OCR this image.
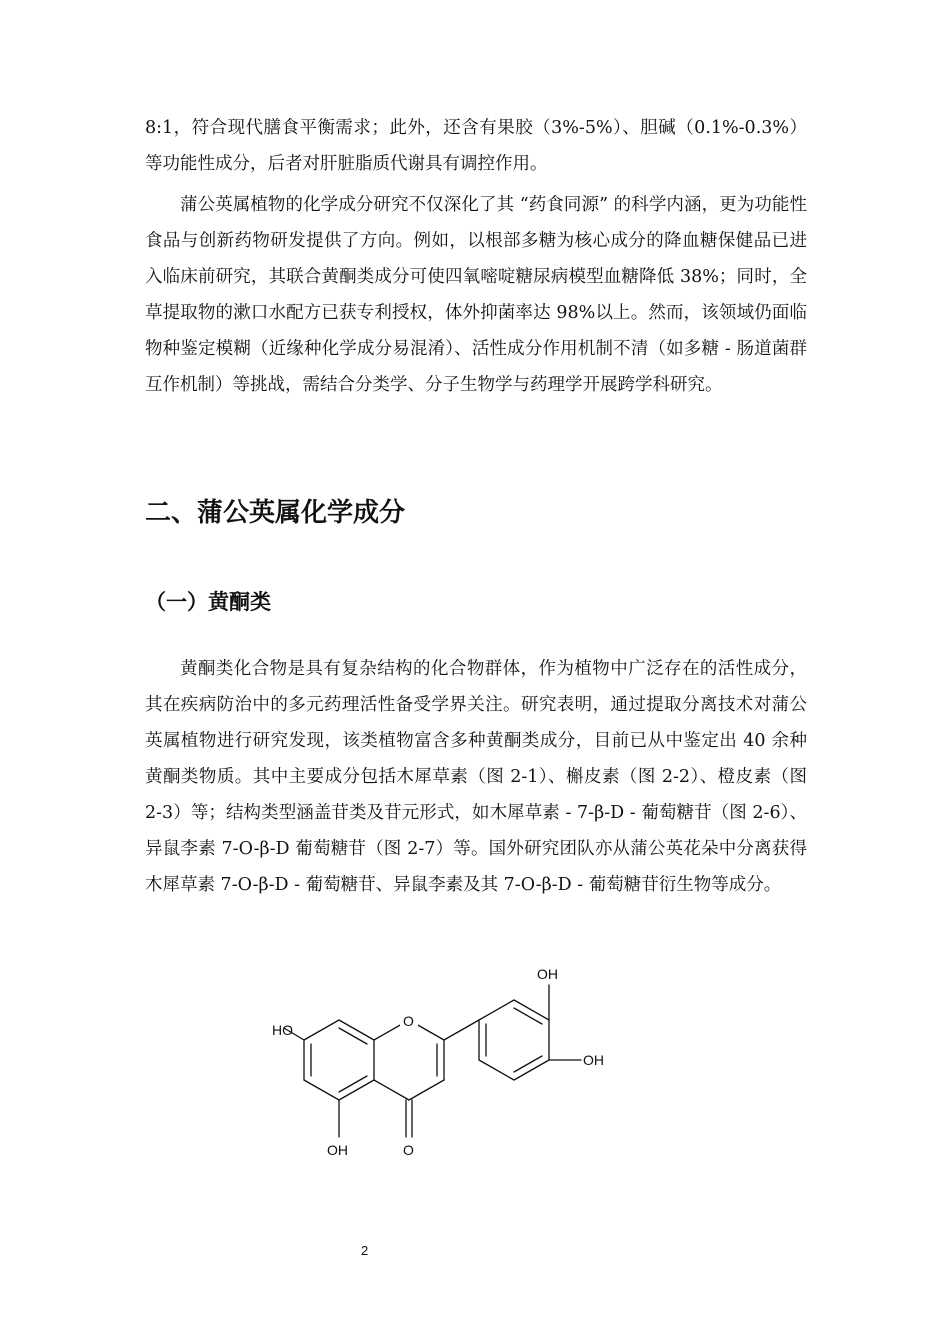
8:1，符合现代膳食平衡需求；此外，还含有果胶（3%-5%）、胆碱（0.1%-0.3%）等功能性成分，后者对肝脏脂质代谢具有调控作用。

蒲公英属植物的化学成分研究不仅深化了其 “药食同源” 的科学内涵，更为功能性食品与创新药物研发提供了方向。例如，以根部多糖为核心成分的降血糖保健品已进入临床前研究，其联合黄酮类成分可使四氧嘧啶糖尿病模型血糖降低 38%；同时，全草提取物的漱口水配方已获专利授权，体外抑菌率达 98%以上。然而，该领域仍面临物种鉴定模糊（近缘种化学成分易混淆）、活性成分作用机制不清（如多糖 - 肠道菌群互作机制）等挑战，需结合分类学、分子生物学与药理学开展跨学科研究。

二、蒲公英属化学成分
（一）黄酮类

黄酮类化合物是具有复杂结构的化合物群体，作为植物中广泛存在的活性成分，其在疾病防治中的多元药理活性备受学界关注。研究表明，通过提取分离技术对蒲公英属植物进行研究发现，该类植物富含多种黄酮类成分，目前已从中鉴定出 40 余种黄酮类物质。其中主要成分包括木犀草素（图 2-1）、槲皮素（图 2-2）、橙皮素（图 2-3）等；结构类型涵盖苷类及苷元形式，如木犀草素 - 7-β-D - 葡萄糖苷（图 2-6）、异鼠李素 7-O-β-D 葡萄糖苷（图 2-7）等。国外研究团队亦从蒲公英花朵中分离获得木犀草素 7-O-β-D - 葡萄糖苷、异鼠李素及其 7-O-β-D - 葡萄糖苷衍生物等成分。

HO
O
OH
OH
OH	O

2
